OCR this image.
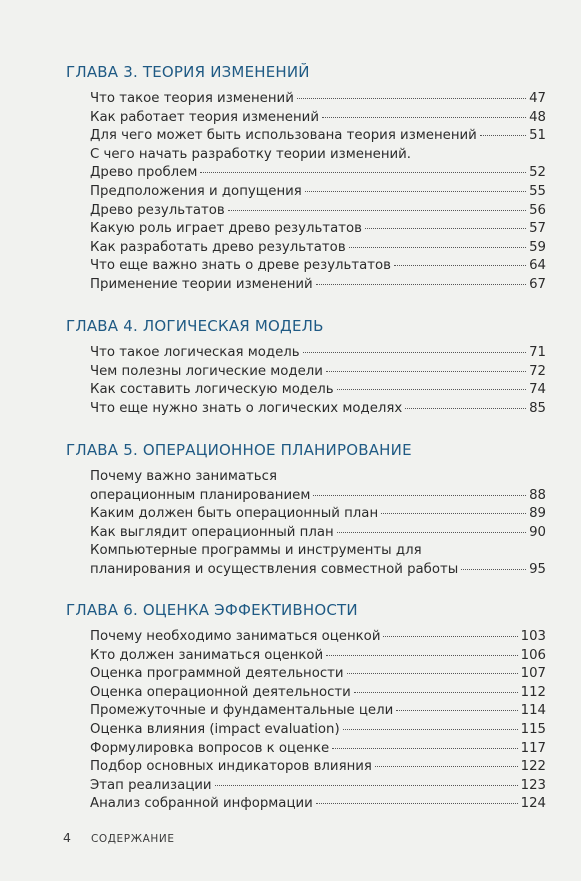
ГЛАВА 3. ТЕОРИЯ ИЗМЕНЕНИЙ
Что такое теория изменений	47
Как работает теория изменений	48
Для чего может быть использована теория изменений	51
С чего начать разработку теории изменений.
Древо проблем	52
Предположения и допущения	55
Древо результатов	56
Какую роль играет древо результатов	57
Как разработать древо результатов	59
Что еще важно знать о древе результатов	64
Применение теории изменений	67
ГЛАВА 4. ЛОГИЧЕСКАЯ МОДЕЛЬ
Что такое логическая модель	71
Чем полезны логические модели	72
Как составить логическую модель	74
Что еще нужно знать о логических моделях	85
ГЛАВА 5. ОПЕРАЦИОННОЕ ПЛАНИРОВАНИЕ
Почему важно заниматься
операционным планированием	88
Каким должен быть операционный план	89
Как выглядит операционный план	90
Компьютерные программы и инструменты для
планирования и осуществления совместной работы	95
ГЛАВА 6. ОЦЕНКА ЭФФЕКТИВНОСТИ
Почему необходимо заниматься оценкой	103
Кто должен заниматься оценкой	106
Оценка программной деятельности	107
Оценка операционной деятельности	112
Промежуточные и фундаментальные цели	114
Оценка влияния (impact evaluation)	115
Формулировка вопросов к оценке	117
Подбор основных индикаторов влияния	122
Этап реализации	123
Анализ собранной информации	124
4 СОДЕРЖАНИЕ
